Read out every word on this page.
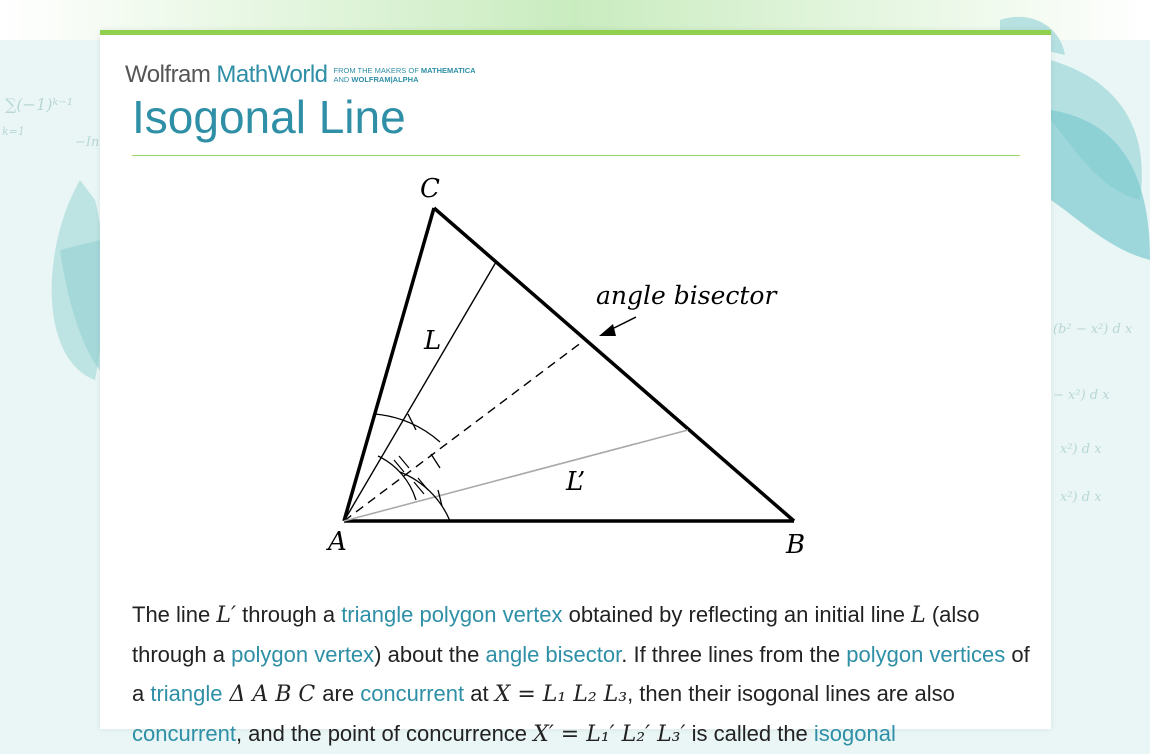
∑(−1)ᵏ⁻¹
k=1
−In
(b² − x²) d x
− x²) d x
x²) d x
x²) d x
Wolfram MathWorld FROM THE MAKERS OF MATHEMATICA
AND WOLFRAM|ALPHA
Isogonal Line
A	B
C
L
L’
angle bisector
The line L′ through a triangle polygon vertex obtained by reflecting an initial line L (also through a polygon vertex) about the angle bisector. If three lines from the polygon vertices of a triangle Δ A B C are concurrent at X = L₁ L₂ L₃, then their isogonal lines are also concurrent, and the point of concurrence X′ = L₁′ L₂′ L₃′ is called the isogonal
